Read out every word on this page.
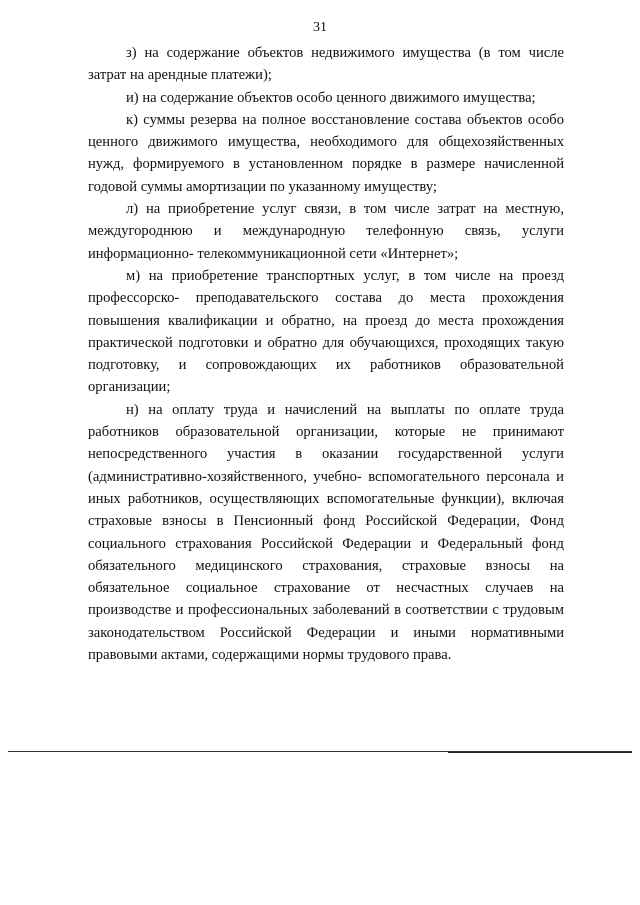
31

з) на содержание объектов недвижимого имущества (в том числе затрат на арендные платежи);

и) на содержание объектов особо ценного движимого имущества;

к) суммы резерва на полное восстановление состава объектов особо ценного движимого имущества, необходимого для общехозяйственных нужд, формируемого в установленном порядке в размере начисленной годовой суммы амортизации по указанному имуществу;

л) на приобретение услуг связи, в том числе затрат на местную, междугороднюю и международную телефонную связь, услуги информационно- телекоммуникационной сети «Интернет»;

м) на приобретение транспортных услуг, в том числе на проезд профессорско- преподавательского состава до места прохождения повышения квалификации и обратно, на проезд до места прохождения практической подготовки и обратно для обучающихся, проходящих такую подготовку, и сопровождающих их работников образовательной организации;

н) на оплату труда и начислений на выплаты по оплате труда работников образовательной организации, которые не принимают непосредственного участия в оказании государственной услуги (административно-хозяйственного, учебно- вспомогательного персонала и иных работников, осуществляющих вспомогательные функции), включая страховые взносы в Пенсионный фонд Российской Федерации, Фонд социального страхования Российской Федерации и Федеральный фонд обязательного медицинского страхования, страховые взносы на обязательное социальное страхование от несчастных случаев на производстве и профессиональных заболеваний в соответствии с трудовым законодательством Российской Федерации и иными нормативными правовыми актами, содержащими нормы трудового права.
